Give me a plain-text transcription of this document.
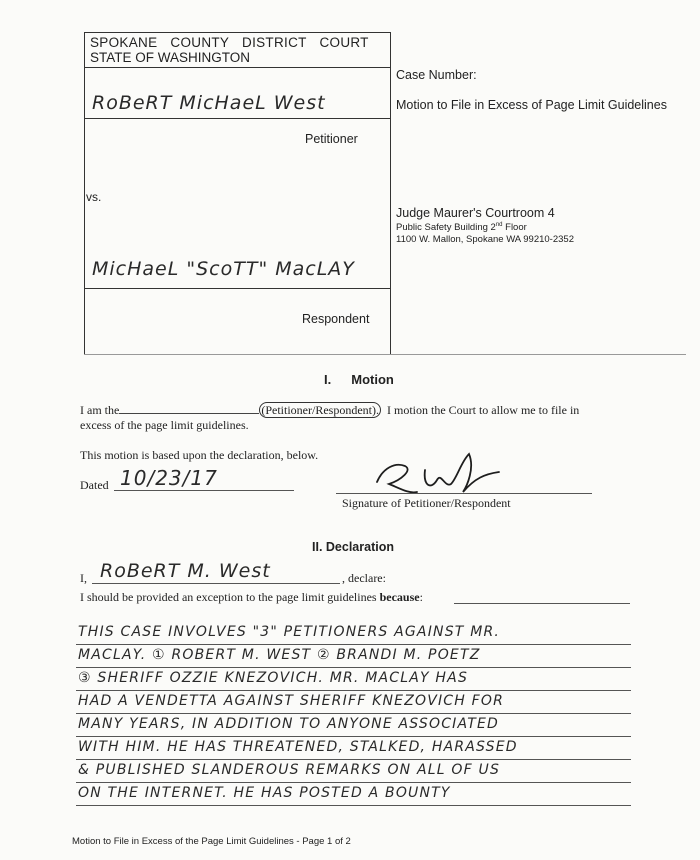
SPOKANE COUNTY DISTRICT COURT
STATE OF WASHINGTON
RoBeRT MicHaeL West
Petitioner
vs.
MicHaeL "ScoTT" MacLAY
Respondent
Case Number:
Motion to File in Excess of Page Limit Guidelines
Judge Maurer's Courtroom 4
Public Safety Building 2nd Floor
1100 W. Mallon, Spokane WA 99210-2352
I. Motion
I am the	(Petitioner/Respondent). I motion the Court to allow me to file in
excess of the page limit guidelines.
This motion is based upon the declaration, below.
Dated 10/23/17
Signature of Petitioner/Respondent
II. Declaration
I, RoBeRT M. West	, declare:
I should be provided an exception to the page limit guidelines because:
THIS CASE INVOLVES "3" PETITIONERS AGAINST MR.
MACLAY. ① ROBERT M. WEST ② BRANDI M. POETZ
③ SHERIFF OZZIE KNEZOVICH. MR. MACLAY HAS
HAD A VENDETTA AGAINST SHERIFF KNEZOVICH FOR
MANY YEARS, IN ADDITION TO ANYONE ASSOCIATED
WITH HIM. HE HAS THREATENED, STALKED, HARASSED
& PUBLISHED SLANDEROUS REMARKS ON ALL OF US
ON THE INTERNET. HE HAS POSTED A BOUNTY
Motion to File in Excess of the Page Limit Guidelines - Page 1 of 2
